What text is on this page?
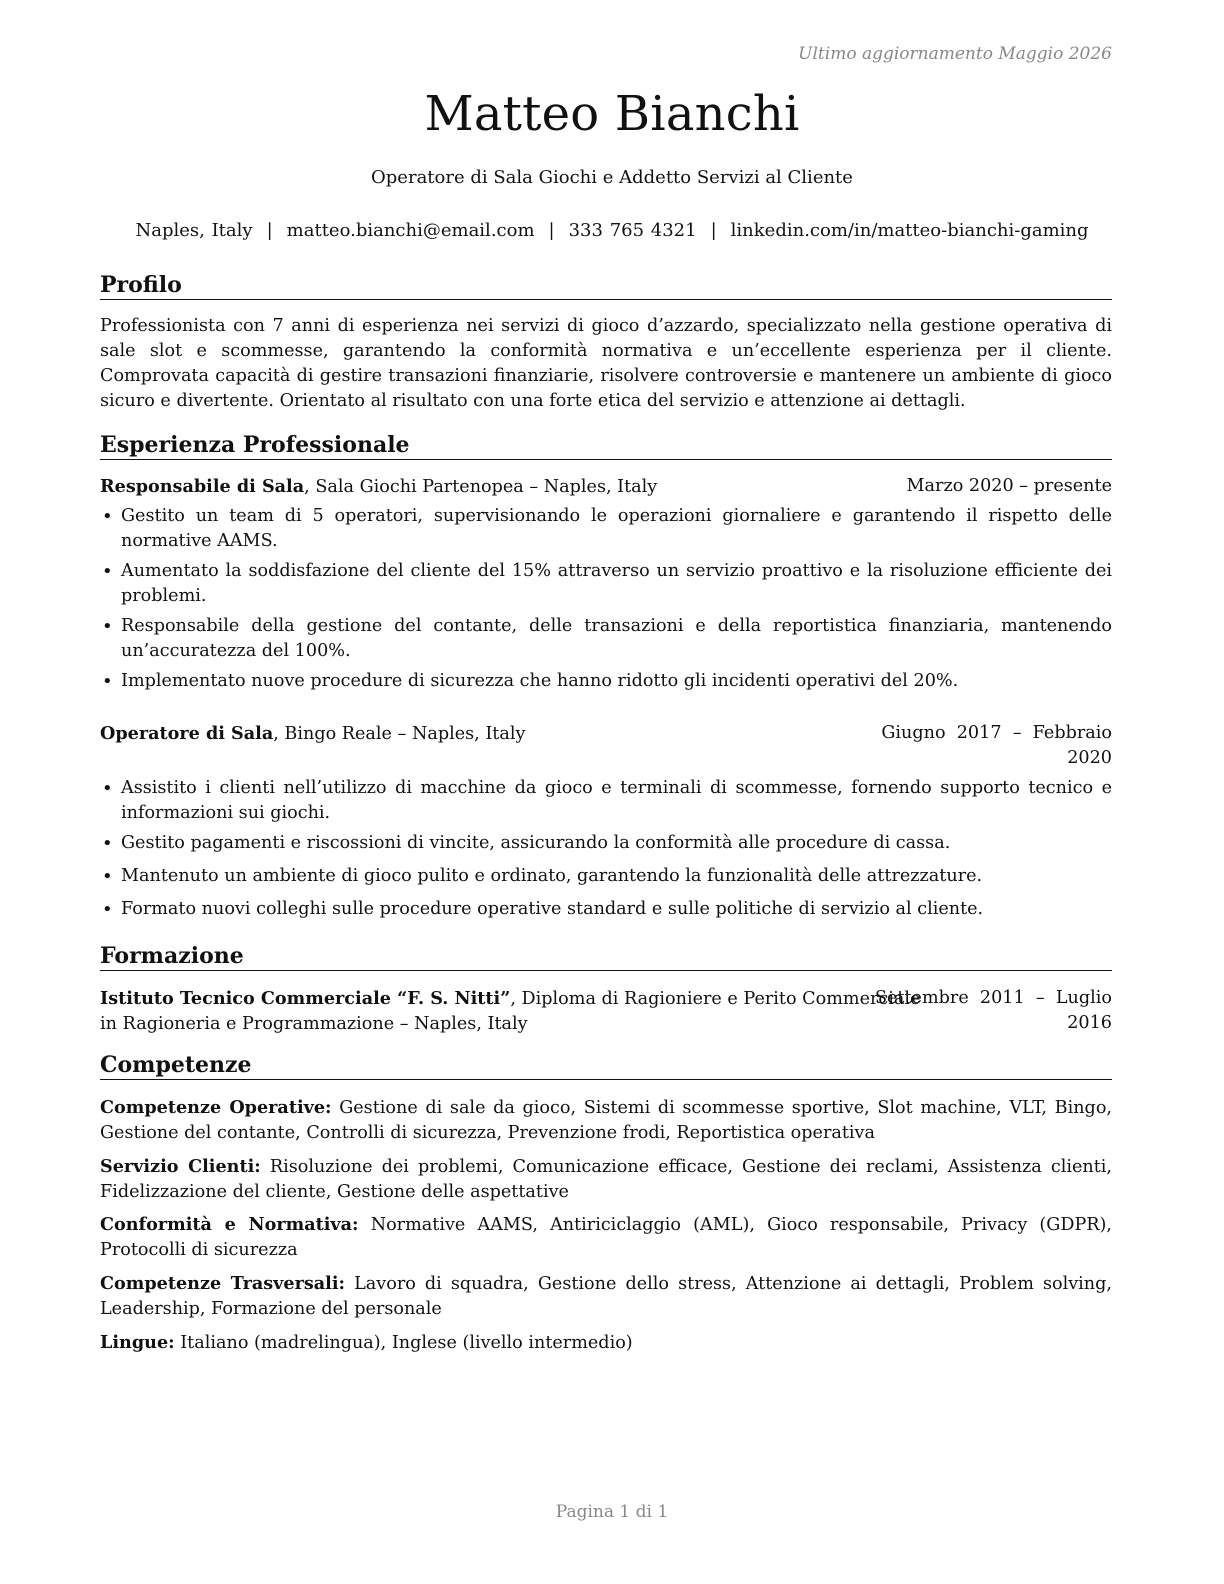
Ultimo aggiornamento Maggio 2026
Matteo Bianchi
Operatore di Sala Giochi e Addetto Servizi al Cliente
Naples, Italy | matteo.bianchi@email.com | 333 765 4321 | linkedin.com/in/matteo-bianchi-gaming
Profilo
Professionista con 7 anni di esperienza nei servizi di gioco d’azzardo, specializzato nella gestione operativa di sale slot e scommesse, garantendo la conformità normativa e un’eccellente esperienza per il cliente. Comprovata capacità di gestire transazioni finanziarie, risolvere controversie e mantenere un ambiente di gioco sicuro e divertente. Orientato al risultato con una forte etica del servizio e attenzione ai dettagli.
Esperienza Professionale
Responsabile di Sala, Sala Giochi Partenopea – Naples, Italy	Marzo 2020 – presente
• Gestito un team di 5 operatori, supervisionando le operazioni giornaliere e garantendo il rispetto delle normative AAMS.
• Aumentato la soddisfazione del cliente del 15% attraverso un servizio proattivo e la risoluzione efficiente dei problemi.
• Responsabile della gestione del contante, delle transazioni e della reportistica finanziaria, mantenendo un’accuratezza del 100%.
• Implementato nuove procedure di sicurezza che hanno ridotto gli incidenti operativi del 20%.
Operatore di Sala, Bingo Reale – Naples, Italy	Giugno  2017  –  Febbraio
2020
• Assistito i clienti nell’utilizzo di macchine da gioco e terminali di scommesse, fornendo supporto tecnico e informazioni sui giochi.
• Gestito pagamenti e riscossioni di vincite, assicurando la conformità alle procedure di cassa.
• Mantenuto un ambiente di gioco pulito e ordinato, garantendo la funzionalità delle attrezzature.
• Formato nuovi colleghi sulle procedure operative standard e sulle politiche di servizio al cliente.
Formazione
Istituto Tecnico Commerciale “F. S. Nitti”, Diploma di Ragioniere e Perito Commerciale
in Ragioneria e Programmazione – Naples, Italy
Settembre  2011  –  Luglio
2016
Competenze
Competenze Operative: Gestione di sale da gioco, Sistemi di scommesse sportive, Slot machine, VLT, Bingo, Gestione del contante, Controlli di sicurezza, Prevenzione frodi, Reportistica operativa
Servizio Clienti: Risoluzione dei problemi, Comunicazione efficace, Gestione dei reclami, Assistenza clienti, Fidelizzazione del cliente, Gestione delle aspettative
Conformità e Normativa: Normative AAMS, Antiriciclaggio (AML), Gioco responsabile, Privacy (GDPR), Protocolli di sicurezza
Competenze Trasversali: Lavoro di squadra, Gestione dello stress, Attenzione ai dettagli, Problem solving, Leadership, Formazione del personale
Lingue: Italiano (madrelingua), Inglese (livello intermedio)
Pagina 1 di 1
